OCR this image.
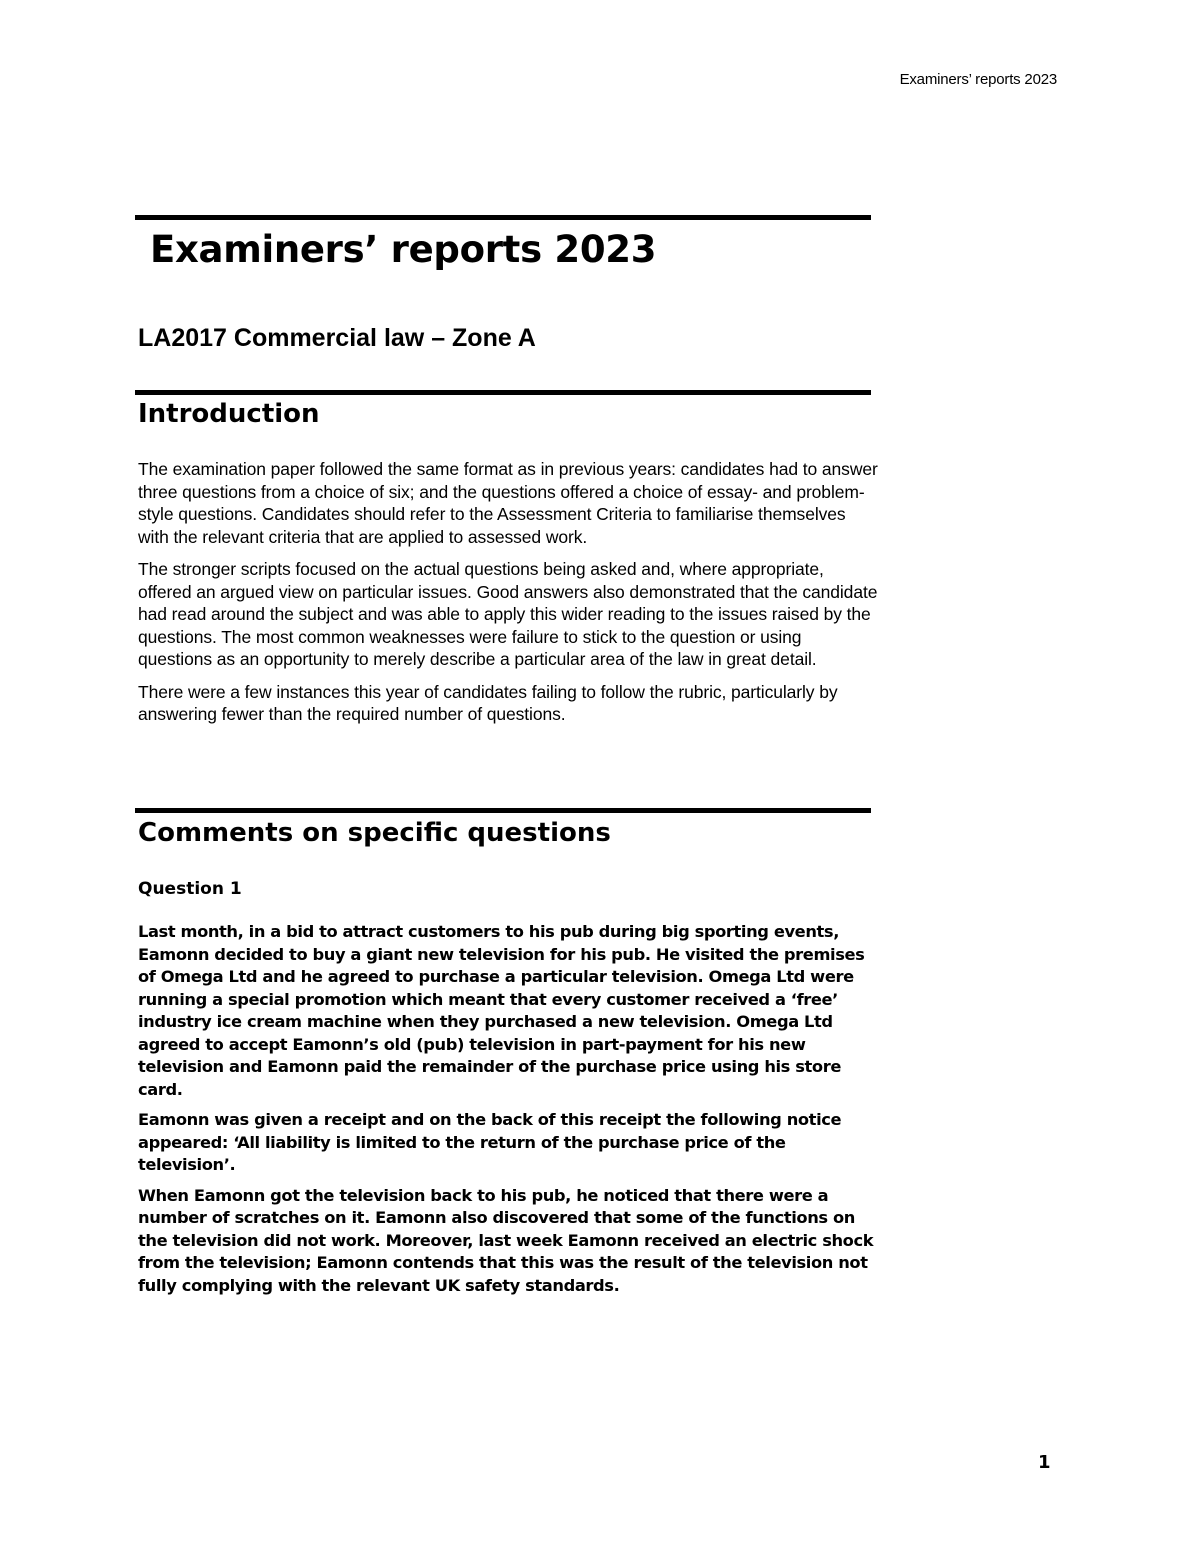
Examiners’ reports 2023
Examiners’ reports 2023
LA2017 Commercial law – Zone A
Introduction

The examination paper followed the same format as in previous years: candidates had to answer three questions from a choice of six; and the questions offered a choice of essay- and problem-style questions. Candidates should refer to the Assessment Criteria to familiarise themselves with the relevant criteria that are applied to assessed work.

The stronger scripts focused on the actual questions being asked and, where appropriate, offered an argued view on particular issues. Good answers also demonstrated that the candidate had read around the subject and was able to apply this wider reading to the issues raised by the questions. The most common weaknesses were failure to stick to the question or using questions as an opportunity to merely describe a particular area of the law in great detail.

There were a few instances this year of candidates failing to follow the rubric, particularly by answering fewer than the required number of questions.

Comments on specific questions
Question 1

Last month, in a bid to attract customers to his pub during big sporting events, Eamonn decided to buy a giant new television for his pub. He visited the premises of Omega Ltd and he agreed to purchase a particular television. Omega Ltd were running a special promotion which meant that every customer received a ‘free’ industry ice cream machine when they purchased a new television. Omega Ltd agreed to accept Eamonn’s old (pub) television in part-payment for his new television and Eamonn paid the remainder of the purchase price using his store card.

Eamonn was given a receipt and on the back of this receipt the following notice appeared: ‘All liability is limited to the return of the purchase price of the television’.

When Eamonn got the television back to his pub, he noticed that there were a number of scratches on it. Eamonn also discovered that some of the functions on the television did not work. Moreover, last week Eamonn received an electric shock from the television; Eamonn contends that this was the result of the television not fully complying with the relevant UK safety standards.

1
